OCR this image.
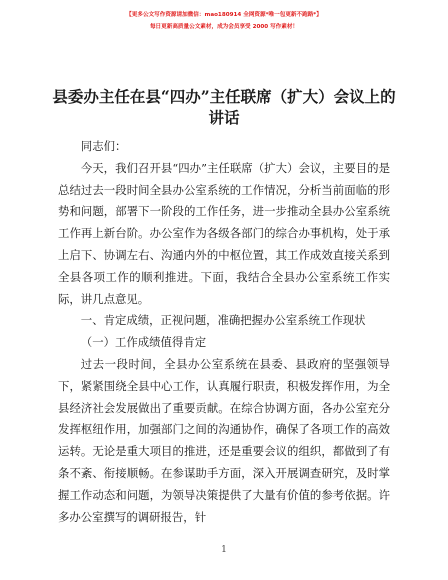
【更多公文写作资源请加微信：mao180914 全网资源*唯一包更新不跑路*】
每日更新高质量公文素材，成为会员享受 2000 写作素材！
县委办主任在县“四办”主任联席（扩大）会议上的讲话

同志们：

今天，我们召开县“四办”主任联席（扩大）会议，主要目的是总结过去一段时间全县办公室系统的工作情况，分析当前面临的形势和问题，部署下一阶段的工作任务，进一步推动全县办公室系统工作再上新台阶。办公室作为各级各部门的综合办事机构，处于承上启下、协调左右、沟通内外的中枢位置，其工作成效直接关系到全县各项工作的顺利推进。下面，我结合全县办公室系统工作实际，讲几点意见。

一、肯定成绩，正视问题，准确把握办公室系统工作现状

（一）工作成绩值得肯定

过去一段时间，全县办公室系统在县委、县政府的坚强领导下，紧紧围绕全县中心工作，认真履行职责，积极发挥作用，为全县经济社会发展做出了重要贡献。在综合协调方面，各办公室充分发挥枢纽作用，加强部门之间的沟通协作，确保了各项工作的高效运转。无论是重大项目的推进，还是重要会议的组织，都做到了有条不紊、衔接顺畅。在参谋助手方面，深入开展调查研究，及时掌握工作动态和问题，为领导决策提供了大量有价值的参考依据。许多办公室撰写的调研报告，针

1
